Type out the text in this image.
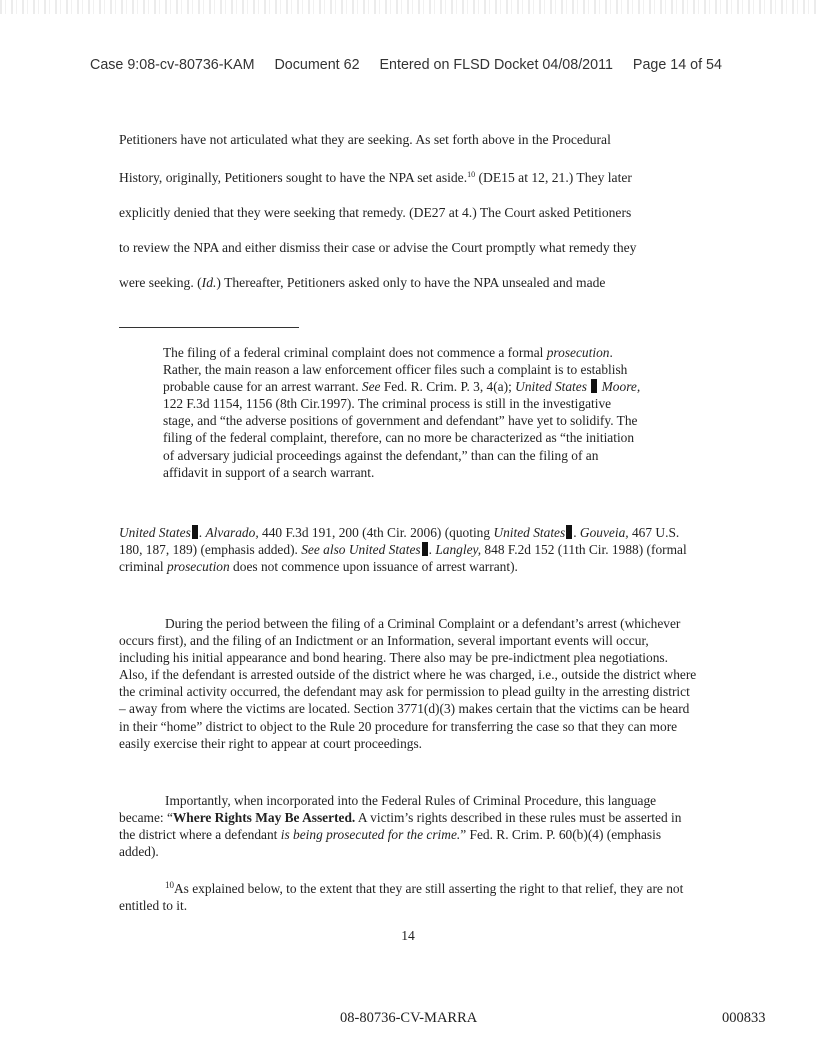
Case 9:08-cv-80736-KAM Document 62 Entered on FLSD Docket 04/08/2011 Page 14 of 54

Petitioners have not articulated what they are seeking. As set forth above in the Procedural

History, originally, Petitioners sought to have the NPA set aside.$^{10}$ (DE15 at 12, 21.) They later

explicitly denied that they were seeking that remedy. (DE27 at 4.) The Court asked Petitioners

to review the NPA and either dismiss their case or advise the Court promptly what remedy they

were seeking. (Id.) Thereafter, Petitioners asked only to have the NPA unsealed and made

The filing of a federal criminal complaint does not commence a formal prosecution. Rather, the main reason a law enforcement officer files such a complaint is to establish probable cause for an arrest warrant. See Fed. R. Crim. P. 3, 4(a); United States Moore, 122 F.3d 1154, 1156 (8th Cir.1997). The criminal process is still in the investigative stage, and “the adverse positions of government and defendant” have yet to solidify. The filing of the federal complaint, therefore, can no more be characterized as “the initiation of adversary judicial proceedings against the defendant,” than can the filing of an affidavit in support of a search warrant.

United States . Alvarado, 440 F.3d 191, 200 (4th Cir. 2006) (quoting United States . Gouveia, 467 U.S. 180, 187, 189) (emphasis added). See also United States . Langley, 848 F.2d 152 (11th Cir. 1988) (formal criminal prosecution does not commence upon issuance of arrest warrant).

During the period between the filing of a Criminal Complaint or a defendant’s arrest (whichever occurs first), and the filing of an Indictment or an Information, several important events will occur, including his initial appearance and bond hearing. There also may be pre-indictment plea negotiations. Also, if the defendant is arrested outside of the district where he was charged, i.e., outside the district where the criminal activity occurred, the defendant may ask for permission to plead guilty in the arresting district – away from where the victims are located. Section 3771(d)(3) makes certain that the victims can be heard in their “home” district to object to the Rule 20 procedure for transferring the case so that they can more easily exercise their right to appear at court proceedings.

Importantly, when incorporated into the Federal Rules of Criminal Procedure, this language became: “Where Rights May Be Asserted. A victim’s rights described in these rules must be asserted in the district where a defendant is being prosecuted for the crime.” Fed. R. Crim. P. 60(b)(4) (emphasis added).

$^{10}$As explained below, to the extent that they are still asserting the right to that relief, they are not entitled to it.

14
08-80736-CV-MARRA	000833
